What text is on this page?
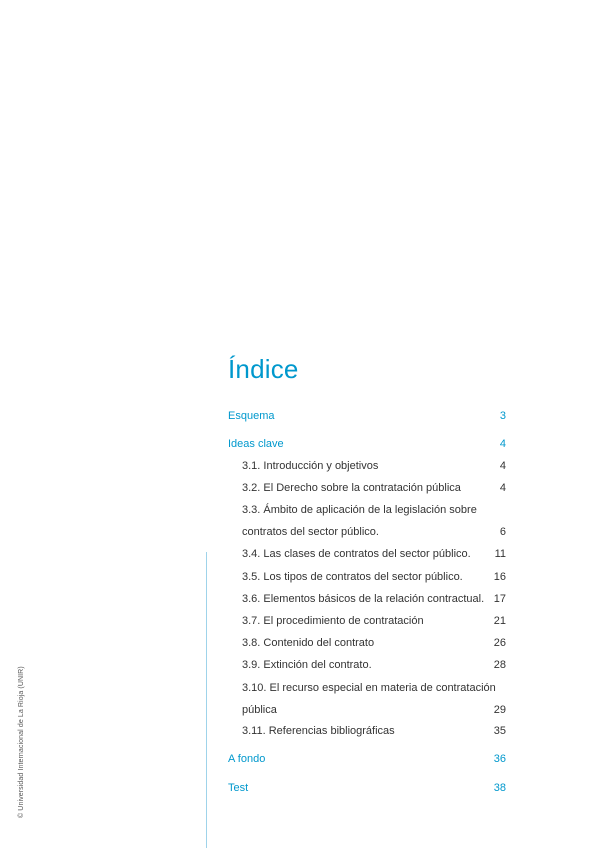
© Universidad Internacional de La Rioja (UNIR)
Índice
Esquema	3
Ideas clave	4
3.1. Introducción y objetivos	4
3.2. El Derecho sobre la contratación pública	4
3.3. Ámbito de aplicación de la legislación sobre
contratos del sector público.	6
3.4. Las clases de contratos del sector público.	11
3.5. Los tipos de contratos del sector público.	16
3.6. Elementos básicos de la relación contractual. 17
3.7. El procedimiento de contratación	21
3.8. Contenido del contrato	26
3.9. Extinción del contrato.	28
3.10. El recurso especial en materia de contratación
pública	29
3.11. Referencias bibliográficas	35
A fondo	36
Test	38
